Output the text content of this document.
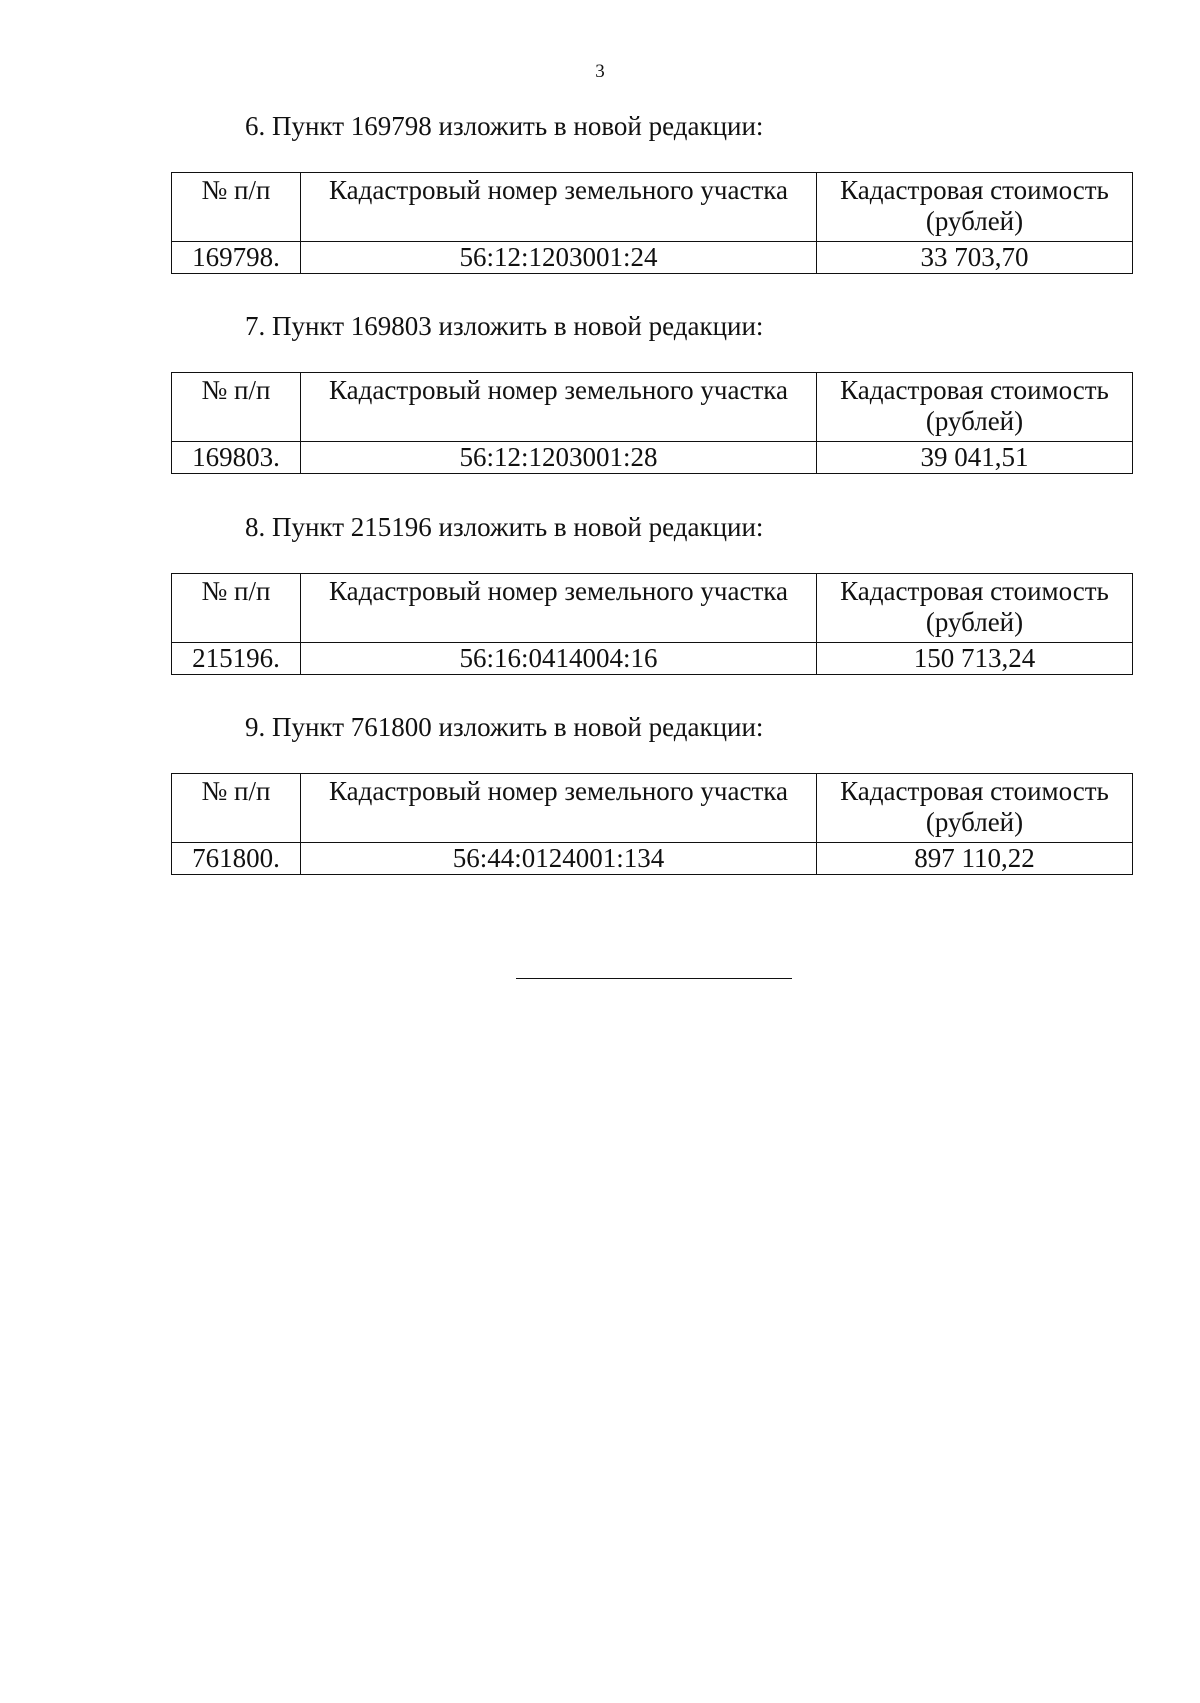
3
6. Пункт 169798 изложить в новой редакции:
№ п/п	Кадастровый номер земельного участка	Кадастровая стоимость (рублей)
169798.	56:12:1203001:24	33 703,70
7. Пункт 169803 изложить в новой редакции:
№ п/п	Кадастровый номер земельного участка	Кадастровая стоимость (рублей)
169803.	56:12:1203001:28	39 041,51
8. Пункт 215196 изложить в новой редакции:
№ п/п	Кадастровый номер земельного участка	Кадастровая стоимость (рублей)
215196.	56:16:0414004:16	150 713,24
9. Пункт 761800 изложить в новой редакции:
№ п/п	Кадастровый номер земельного участка	Кадастровая стоимость (рублей)
761800.	56:44:0124001:134	897 110,22
